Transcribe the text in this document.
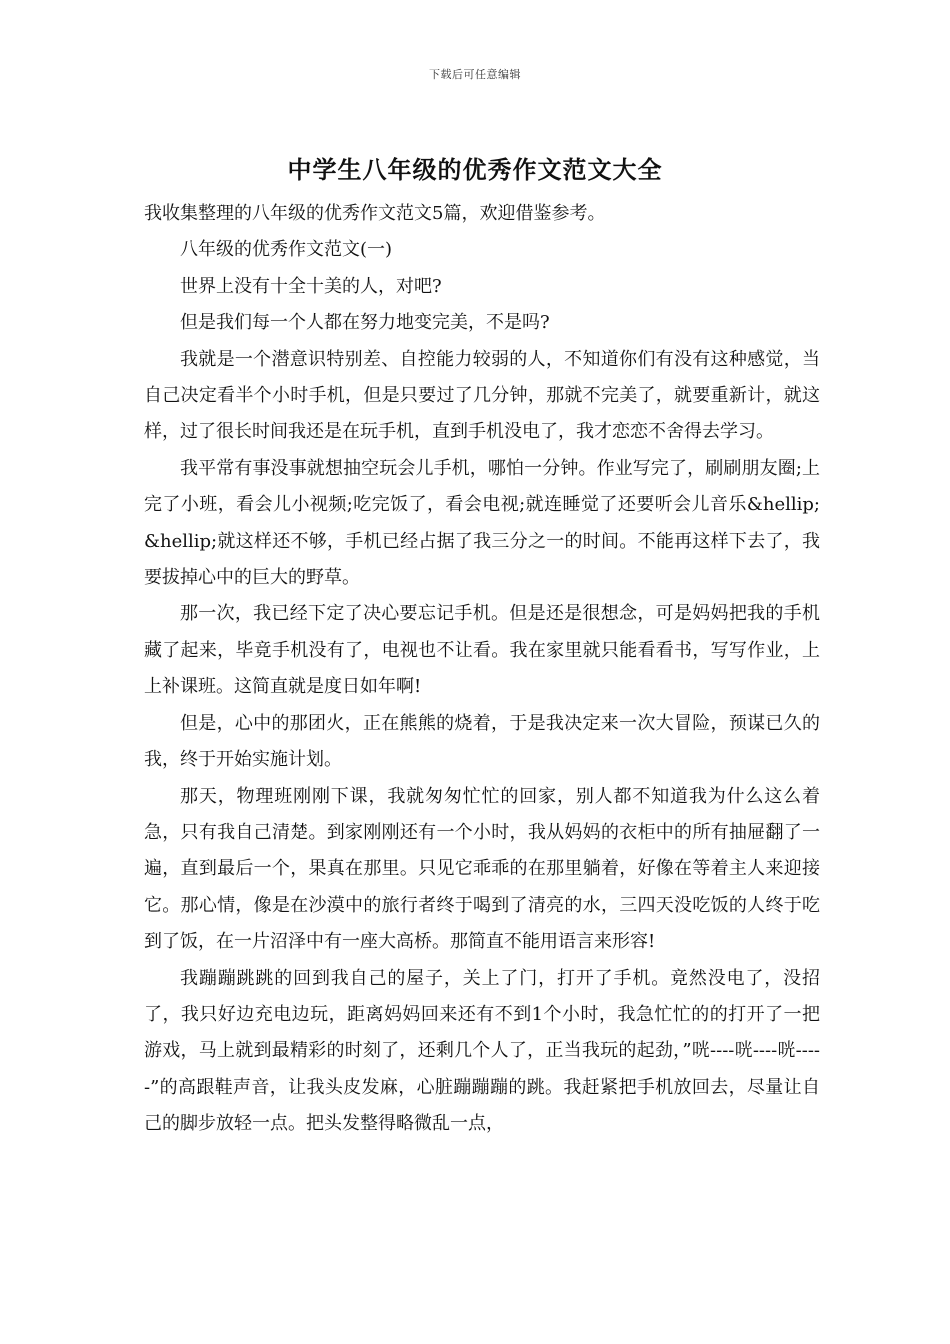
下载后可任意编辑
中学生八年级的优秀作文范文大全

我收集整理的八年级的优秀作文范文5篇，欢迎借鉴参考。

八年级的优秀作文范文(一)

世界上没有十全十美的人，对吧?

但是我们每一个人都在努力地变完美，不是吗?

我就是一个潜意识特别差、自控能力较弱的人，不知道你们有没有这种感觉，当自己决定看半个小时手机，但是只要过了几分钟，那就不完美了，就要重新计，就这样，过了很长时间我还是在玩手机，直到手机没电了，我才恋恋不舍得去学习。

我平常有事没事就想抽空玩会儿手机，哪怕一分钟。作业写完了，刷刷朋友圈;上完了小班，看会儿小视频;吃完饭了，看会电视;就连睡觉了还要听会儿音乐&hellip;&hellip;就这样还不够，手机已经占据了我三分之一的时间。不能再这样下去了，我要拔掉心中的巨大的野草。

那一次，我已经下定了决心要忘记手机。但是还是很想念，可是妈妈把我的手机藏了起来，毕竟手机没有了，电视也不让看。我在家里就只能看看书，写写作业，上上补课班。这简直就是度日如年啊!

但是，心中的那团火，正在熊熊的烧着，于是我决定来一次大冒险，预谋已久的我，终于开始实施计划。

那天，物理班刚刚下课，我就匆匆忙忙的回家，别人都不知道我为什么这么着急，只有我自己清楚。到家刚刚还有一个小时，我从妈妈的衣柜中的所有抽屉翻了一遍，直到最后一个，果真在那里。只见它乖乖的在那里躺着，好像在等着主人来迎接它。那心情，像是在沙漠中的旅行者终于喝到了清亮的水，三四天没吃饭的人终于吃到了饭，在一片沼泽中有一座大高桥。那简直不能用语言来形容!

我蹦蹦跳跳的回到我自己的屋子，关上了门，打开了手机。竟然没电了，没招了，我只好边充电边玩，距离妈妈回来还有不到1个小时，我急忙忙的的打开了一把游戏，马上就到最精彩的时刻了，还剩几个人了，正当我玩的起劲，”咣----咣----咣-----”的高跟鞋声音，让我头皮发麻，心脏蹦蹦蹦的跳。我赶紧把手机放回去，尽量让自己的脚步放轻一点。把头发整得略微乱一点，
